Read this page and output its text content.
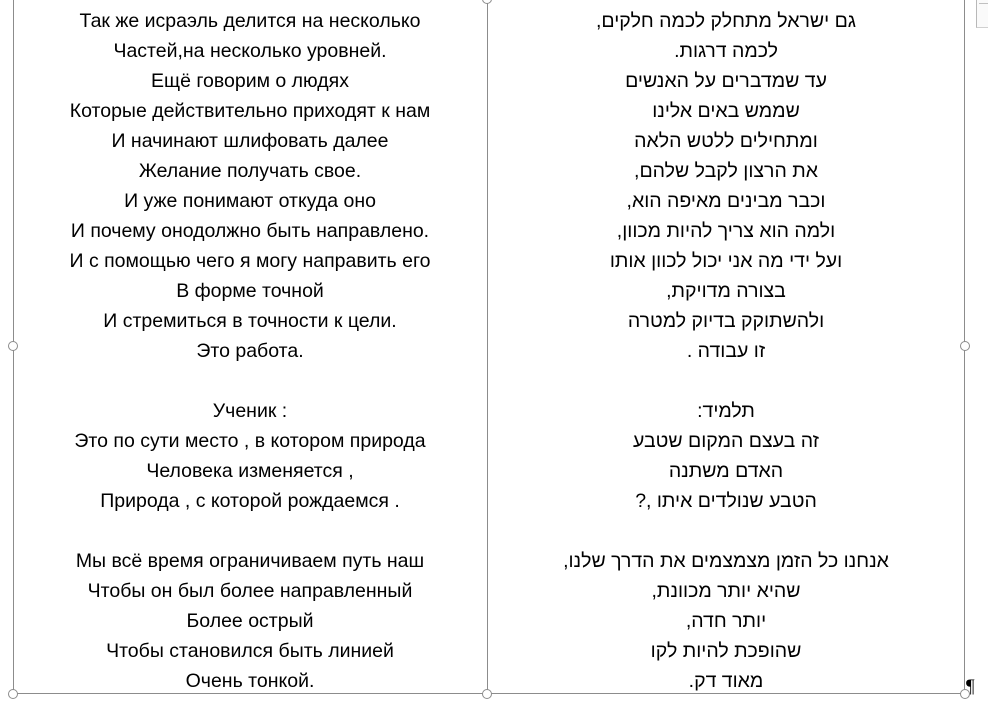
Так же исраэль делится на несколько
Частей,на несколько уровней.
Ещё говорим о людях
Которые действительно приходят к нам
И начинают шлифовать далее
Желание получать свое.
И уже понимают откуда оно
И почему онодолжно быть направлено.
И с помощью чего я могу направить его
В форме точной
И стремиться в точности к цели.
Это работа.
Ученик :
Это по сути место , в котором природа
Человека изменяется ,
Природа , с которой рождаемся .
Мы всё время ограничиваем путь наш
Чтобы он был более направленный
Более острый
Чтобы становился быть линией
Очень тонкой.
גם ישראל מתחלק לכמה חלקים,
לכמה דרגות.
עד שמדברים על האנשים
שממש באים אלינו
ומתחילים ללטש הלאה
את הרצון לקבל שלהם,
וכבר מבינים מאיפה הוא,
ולמה הוא צריך להיות מכוון,
ועל ידי מה אני יכול לכוון אותו
בצורה מדויקת,
ולהשתוקק בדיוק למטרה
זו עבודה .
תלמיד:
זה בעצם המקום שטבע
האדם משתנה
הטבע שנולדים איתו ,?
אנחנו כל הזמן מצמצמים את הדרך שלנו,
שהיא יותר מכוונת,
יותר חדה,
שהופכת להיות לקו
מאוד דק.	¶
